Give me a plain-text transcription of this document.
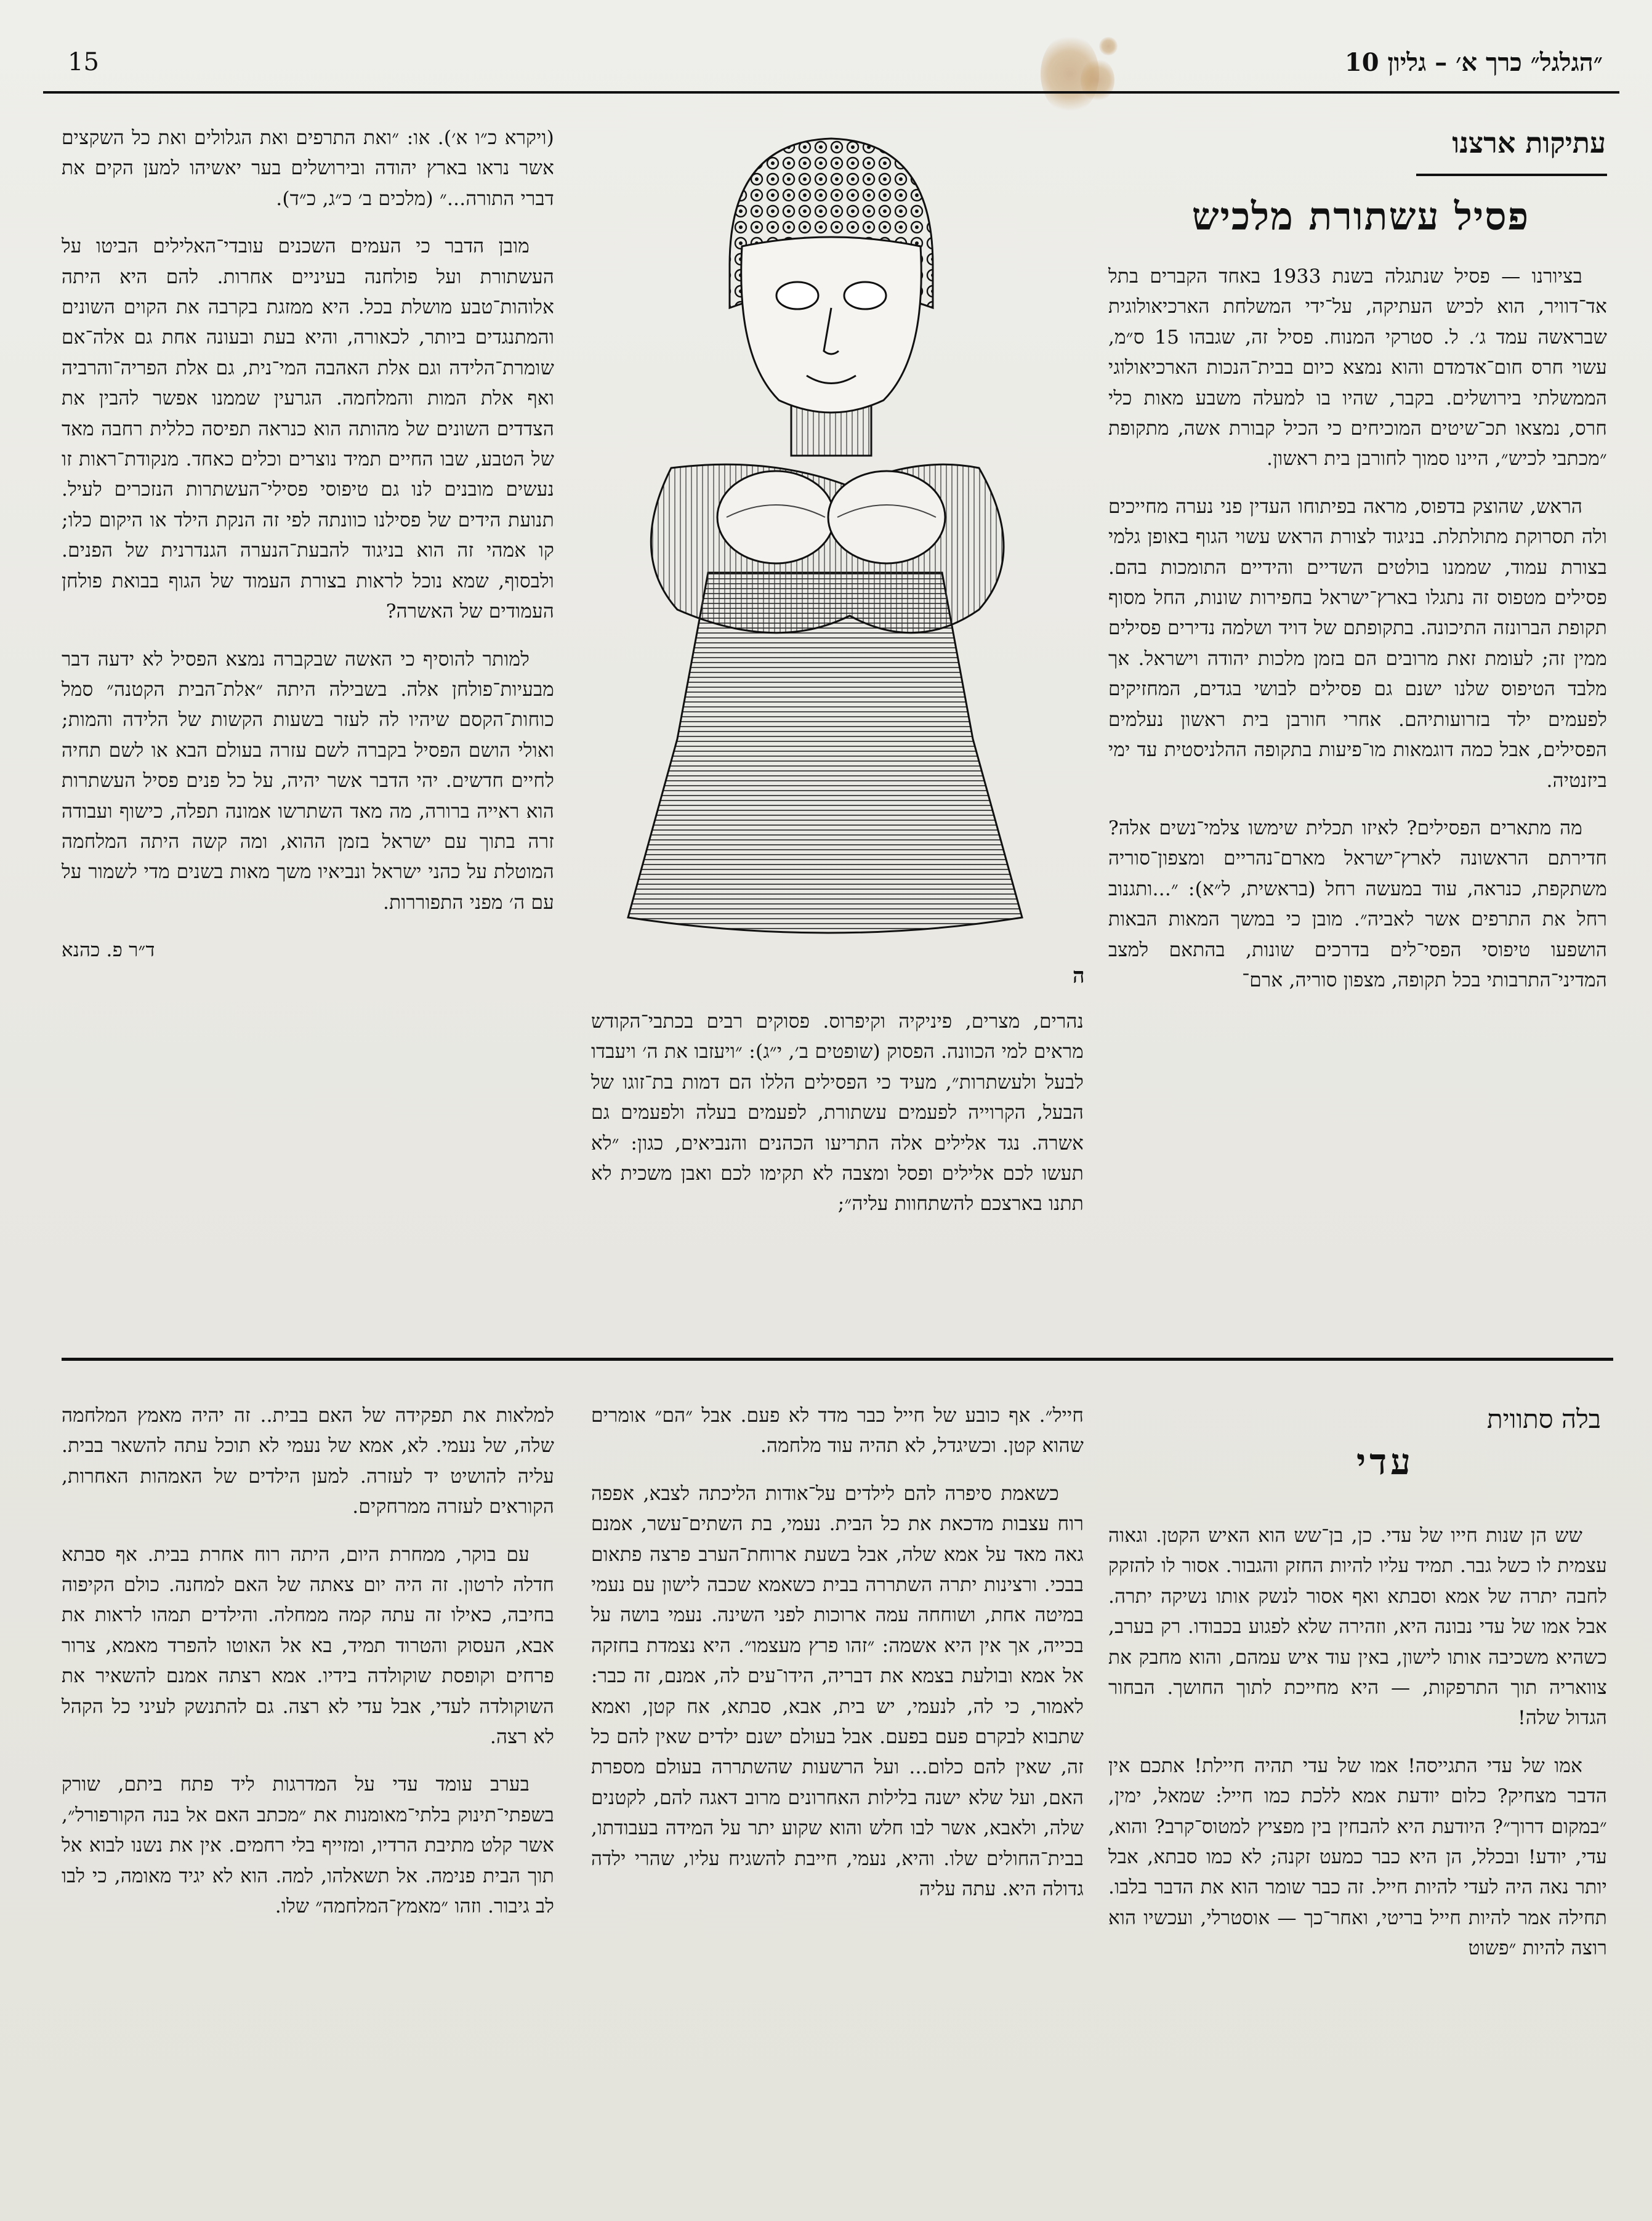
15	״הגלגל״ כרך א׳ – גליון 10
עתיקות ארצנו
פסיל עשתורת מלכיש

בציורנו — פסיל שנתגלה בשנת 1933 באחד הקברים בתל אד־דוויר, הוא לכיש העתיקה, על־ידי המשלחת הארכיאולוגית שבראשה עמד ג׳. ל. סטרקי המנוח. פסיל זה, שגבהו 15 ס״מ, עשוי חרס חום־אדמדם והוא נמצא כיום בבית־הנכות הארכיאולוגי הממשלתי בירושלים. בקבר, שהיו בו למעלה משבע מאות כלי חרס, נמצאו תכ־שיטים המוכיחים כי הכיל קבורת אשה, מתקופת ״מכתבי לכיש״, היינו סמוך לחורבן בית ראשון.

הראש, שהוצק בדפוס, מראה בפיתוחו העדין פני נערה מחייכים ולה תסרוקת מתולתלת. בניגוד לצורת הראש עשוי הגוף באופן גלמי בצורת עמוד, שממנו בולטים השדיים והידיים התומכות בהם. פסילים מטפוס זה נתגלו בארץ־ישראל בחפירות שונות, החל מסוף תקופת הברונזה התיכונה. בתקופתם של דויד ושלמה נדירים פסילים ממין זה; לעומת זאת מרובים הם בזמן מלכות יהודה וישראל. אך מלבד הטיפוס שלנו ישנם גם פסילים לבושי בגדים, המחזיקים לפעמים ילד בזרועותיהם. אחרי חורבן בית ראשון נעלמים הפסילים, אבל כמה דוגמאות מו־פיעות בתקופה ההלניסטית עד ימי ביזנטיה.

מה מתארים הפסילים? לאיזו תכלית שימשו צלמי־נשים אלה? חדירתם הראשונה לארץ־ישראל מארם־נהריים ומצפון־סוריה משתקפת, כנראה, עוד במעשה רחל (בראשית, ל״א): ״...ותגנוב רחל את התרפים אשר לאביה״. מובן כי במשך המאות הבאות הושפעו טיפוסי הפסי־לים בדרכים שונות, בהתאם למצב המדיני־התרבותי בכל תקופה, מצפון סוריה, ארם־

ה

נהרים, מצרים, פיניקיה וקיפרוס. פסוקים רבים בכתבי־הקודש מראים למי הכוונה. הפסוק (שופטים ב׳, י״ג): ״ויעזבו את ה׳ ויעבדו לבעל ולעשתרות״, מעיד כי הפסילים הללו הם דמות בת־זוגו של הבעל, הקרוייה לפעמים עשתורת, לפעמים בעלה ולפעמים גם אשרה. נגד אלילים אלה התריעו הכהנים והנביאים, כגון: ״לא תעשו לכם אלילים ופסל ומצבה לא תקימו לכם ואבן משכית לא תתנו בארצכם להשתחוות עליה״;

(ויקרא כ״ו א׳). או: ״ואת התרפים ואת הגלולים ואת כל השקצים אשר נראו בארץ יהודה ובירושלים בער יאשיהו למען הקים את דברי התורה...״ (מלכים ב׳ כ״ג, כ״ד).

מובן הדבר כי העמים השכנים עובדי־האלילים הביטו על העשתורת ועל פולחנה בעיניים אחרות. להם היא היתה אלוהות־טבע מושלת בכל. היא ממזגת בקרבה את הקוים השונים והמתנגדים ביותר, לכאורה, והיא בעת ובעונה אחת גם אלה־אם שומרת־הלידה וגם אלת האהבה המי־נית, גם אלת הפריה־והרביה ואף אלת המות והמלחמה. הגרעין שממנו אפשר להבין את הצדדים השונים של מהותה הוא כנראה תפיסה כללית רחבה מאד של הטבע, שבו החיים תמיד נוצרים וכלים כאחד. מנקודת־ראות זו נעשים מובנים לנו גם טיפוסי פסילי־העשתרות הנזכרים לעיל. תנועת הידים של פסילנו כוונתה לפי זה הנקת הילד או היקום כלו; קו אמהי זה הוא בניגוד להבעת־הנערה הגנדרנית של הפנים. ולבסוף, שמא נוכל לראות בצורת העמוד של הגוף בבואת פולחן העמודים של האשרה?

למותר להוסיף כי האשה שבקברה נמצא הפסיל לא ידעה דבר מבעיות־פולחן אלה. בשבילה היתה ״אלת־הבית הקטנה״ סמל כוחות־הקסם שיהיו לה לעזר בשעות הקשות של הלידה והמות; ואולי הושם הפסיל בקברה לשם עזרה בעולם הבא או לשם תחיה לחיים חדשים. יהי הדבר אשר יהיה, על כל פנים פסיל העשתרות הוא ראייה ברורה, מה מאד השתרשו אמונה תפלה, כישוף ועבודה זרה בתוך עם ישראל בזמן ההוא, ומה קשה היתה המלחמה המוטלת על כהני ישראל ונביאיו משך מאות בשנים מדי לשמור על עם ה׳ מפני התפוררות.

ד״ר פ. כהנא
בלה סתווית
עדי

שש הן שנות חייו של עדי. כן, בן־שש הוא האיש הקטן. וגאוה עצמית לו כשל גבר. תמיד עליו להיות החזק והגבור. אסור לו להזקק לחבה יתרה של אמא וסבתא ואף אסור לנשק אותו נשיקה יתרה. אבל אמו של עדי נבונה היא, וזהירה שלא לפגוע בכבודו. רק בערב, כשהיא משכיבה אותו לישון, באין עוד איש עמהם, והוא מחבק את צוואריה תוך התרפקות, — היא מחייכת לתוך החושך. הבחור הגדול שלה!

אמו של עדי התגייסה! אמו של עדי תהיה חיילת! אתכם אין הדבר מצחיק? כלום יודעת אמא ללכת כמו חייל: שמאל, ימין, ״במקום דרוך״? היודעת היא להבחין בין מפציץ למטוס־קרב? והוא, עדי, יודע! ובכלל, הן היא כבר כמעט זקנה; לא כמו סבתא, אבל יותר נאה היה לעדי להיות חייל. זה כבר שומר הוא את הדבר בלבו. תחילה אמר להיות חייל בריטי, ואחר־כך — אוסטרלי, ועכשיו הוא רוצה להיות ״פשוט

חייל״. אף כובע של חייל כבר מדד לא פעם. אבל ״הם״ אומרים שהוא קטן. וכשיגדל, לא תהיה עוד מלחמה.

כשאמת סיפרה להם לילדים על־אודות הליכתה לצבא, אפפה רוח עצבות מדכאת את כל הבית. נעמי, בת השתים־עשר, אמנם גאה מאד על אמא שלה, אבל בשעת ארוחת־הערב פרצה פתאום בבכי. ורצינות יתרה השתררה בבית כשאמא שכבה לישון עם נעמי במיטה אחת, ושוחחה עמה ארוכות לפני השינה. נעמי בושה על בכייה, אך אין היא אשמה: ״זהו פרץ מעצמו״. היא נצמדת בחזקה אל אמא ובולעת בצמא את דבריה, הידו־עים לה, אמנם, זה כבר: לאמור, כי לה, לנעמי, יש בית, אבא, סבתא, אח קטן, ואמא שתבוא לבקרם פעם בפעם. אבל בעולם ישנם ילדים שאין להם כל זה, שאין להם כלום... ועל הרשעות שהשתררה בעולם מספרת האם, ועל שלא ישנה בלילות האחרונים מרוב דאגה להם, לקטנים שלה, ולאבא, אשר לבו חלש והוא שקוע יתר על המידה בעבודתו, בבית־החולים שלו. והיא, נעמי, חייבת להשגיח עליו, שהרי ילדה גדולה היא. עתה עליה

למלאות את תפקידה של האם בבית.. זה יהיה מאמץ המלחמה שלה, של נעמי. לא, אמא של נעמי לא תוכל עתה להשאר בבית. עליה להושיט יד לעזרה. למען הילדים של האמהות האחרות, הקוראים לעזרה ממרחקים.

עם בוקר, ממחרת היום, היתה רוח אחרת בבית. אף סבתא חדלה לרטון. זה היה יום צאתה של האם למחנה. כולם הקיפוה בחיבה, כאילו זה עתה קמה ממחלה. והילדים תמהו לראות את אבא, העסוק והטרוד תמיד, בא אל האוטו להפרד מאמא, צרור פרחים וקופסת שוקולדה בידיו. אמא רצתה אמנם להשאיר את השוקולדה לעדי, אבל עדי לא רצה. גם להתנשק לעיני כל הקהל לא רצה.

בערב עומד עדי על המדרגות ליד פתח ביתם, שורק בשפתי־תינוק בלתי־מאומנות את ״מכתב האם אל בנה הקורפורל״, אשר קלט מתיבת הרדיו, ומזייף בלי רחמים. אין את נשנו לבוא אל תוך הבית פנימה. אל תשאלהו, למה. הוא לא יגיד מאומה, כי לבו לב גיבור. וזהו ״מאמץ־המלחמה״ שלו.
